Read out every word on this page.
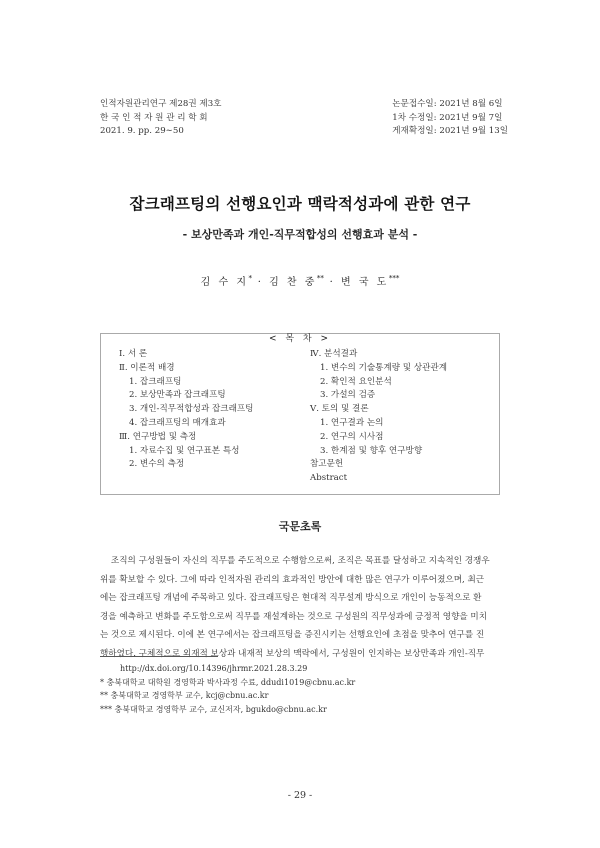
인적자원관리연구 제28권 제3호
한 국 인 적 자 원 관 리 학 회
2021. 9. pp. 29∼50
논문접수일: 2021년 8월 6일
1차 수정일: 2021년 9월 7일
게재확정일: 2021년 9월 13일
잡크래프팅의 선행요인과 맥락적성과에 관한 연구
- 보상만족과 개인-직무적합성의 선행효과 분석 -
김 수 지* · 김 찬 중** · 변 국 도***
< 목 차 >
Ⅰ. 서 론
Ⅱ. 이론적 배경
1. 잡크래프팅
2. 보상만족과 잡크래프팅
3. 개인-직무적합성과 잡크래프팅
4. 잡크래프팅의 매개효과
Ⅲ. 연구방법 및 측정
1. 자료수집 및 연구표본 특성
2. 변수의 측정
Ⅳ. 분석결과
1. 변수의 기술통계량 및 상관관계
2. 확인적 요인분석
3. 가설의 검증
Ⅴ. 토의 및 결론
1. 연구결과 논의
2. 연구의 시사점
3. 한계점 및 향후 연구방향
참고문헌
Abstract
국문초록
조직의 구성원들이 자신의 직무를 주도적으로 수행함으로써, 조직은 목표를 달성하고 지속적인 경쟁우
위를 확보할 수 있다. 그에 따라 인적자원 관리의 효과적인 방안에 대한 많은 연구가 이루어졌으며, 최근
에는 잡크래프팅 개념에 주목하고 있다. 잡크래프팅은 현대적 직무설계 방식으로 개인이 능동적으로 환
경을 예측하고 변화를 주도함으로써 직무를 재설계하는 것으로 구성원의 직무성과에 긍정적 영향을 미치
는 것으로 제시된다. 이에 본 연구에서는 잡크래프팅을 증진시키는 선행요인에 초점을 맞추어 연구를 진
행하였다. 구체적으로 외재적 보상과 내재적 보상의 맥락에서, 구성원이 인지하는 보상만족과 개인-직무
http://dx.doi.org/10.14396/jhrmr.2021.28.3.29
* 충북대학교 대학원 경영학과 박사과정 수료, ddudi1019@cbnu.ac.kr
** 충북대학교 경영학부 교수, kcj@cbnu.ac.kr
*** 충북대학교 경영학부 교수, 교신저자, bgukdo@cbnu.ac.kr
- 29 -
